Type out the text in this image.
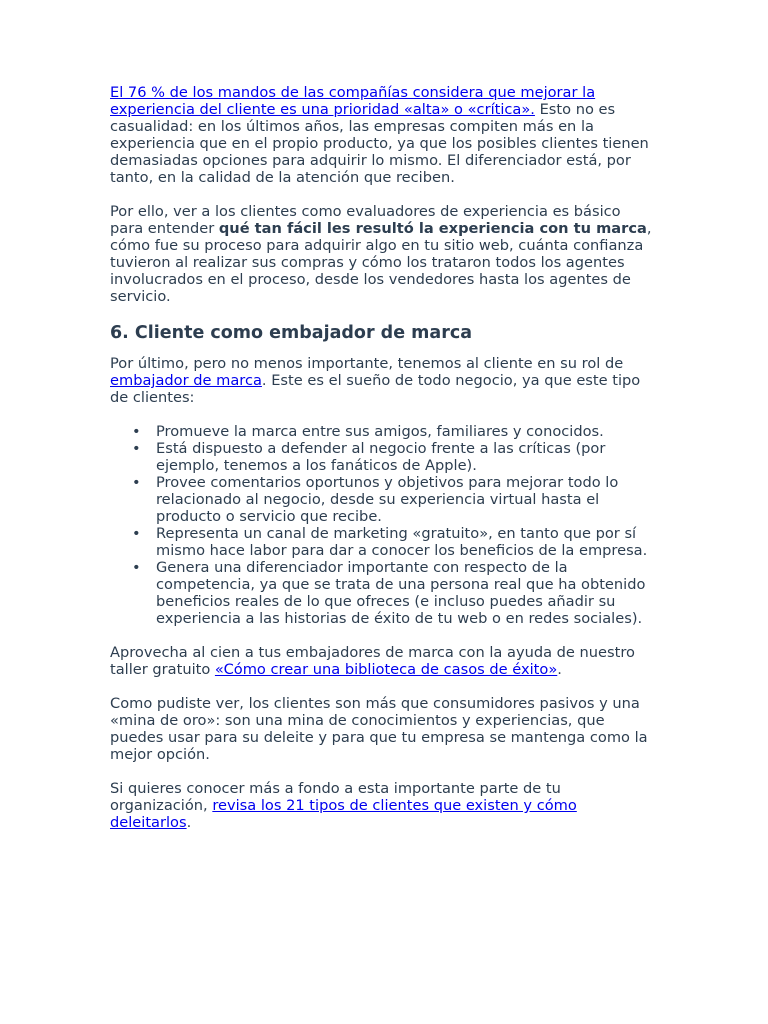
El 76 % de los mandos de las compañías considera que mejorar la experiencia del cliente es una prioridad «alta» o «crítica». Esto no es casualidad: en los últimos años, las empresas compiten más en la experiencia que en el propio producto, ya que los posibles clientes tienen demasiadas opciones para adquirir lo mismo. El diferenciador está, por tanto, en la calidad de la atención que reciben.

Por ello, ver a los clientes como evaluadores de experiencia es básico para entender qué tan fácil les resultó la experiencia con tu marca, cómo fue su proceso para adquirir algo en tu sitio web, cuánta confianza tuvieron al realizar sus compras y cómo los trataron todos los agentes involucrados en el proceso, desde los vendedores hasta los agentes de servicio.

6. Cliente como embajador de marca

Por último, pero no menos importante, tenemos al cliente en su rol de embajador de marca. Este es el sueño de todo negocio, ya que este tipo de clientes:

• Promueve la marca entre sus amigos, familiares y conocidos.
• Está dispuesto a defender al negocio frente a las críticas (por ejemplo, tenemos a los fanáticos de Apple).
• Provee comentarios oportunos y objetivos para mejorar todo lo relacionado al negocio, desde su experiencia virtual hasta el producto o servicio que recibe.
• Representa un canal de marketing «gratuito», en tanto que por sí mismo hace labor para dar a conocer los beneficios de la empresa.
• Genera una diferenciador importante con respecto de la competencia, ya que se trata de una persona real que ha obtenido beneficios reales de lo que ofreces (e incluso puedes añadir su experiencia a las historias de éxito de tu web o en redes sociales).

Aprovecha al cien a tus embajadores de marca con la ayuda de nuestro taller gratuito «Cómo crear una biblioteca de casos de éxito».

Como pudiste ver, los clientes son más que consumidores pasivos y una «mina de oro»: son una mina de conocimientos y experiencias, que puedes usar para su deleite y para que tu empresa se mantenga como la mejor opción.

Si quieres conocer más a fondo a esta importante parte de tu organización, revisa los 21 tipos de clientes que existen y cómo deleitarlos.
